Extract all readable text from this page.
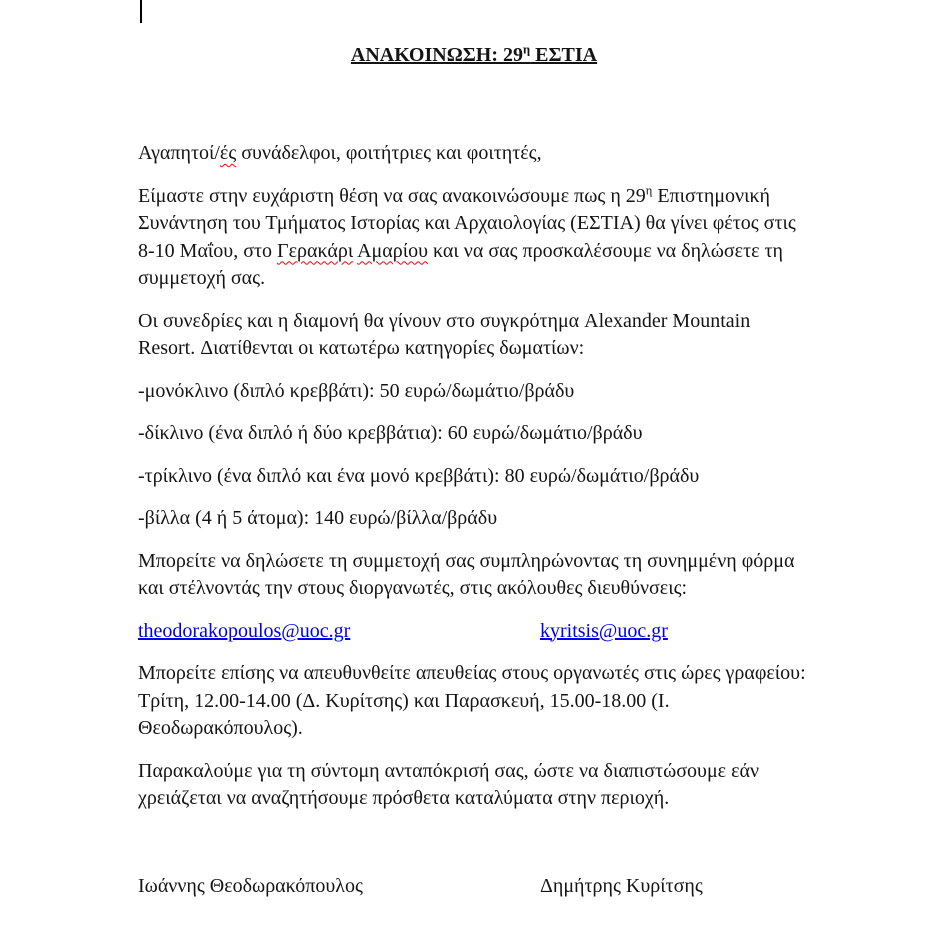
ΑΝΑΚΟΙΝΩΣΗ: $29^\eta$ ΕΣΤΙΑ

Αγαπητοί/ές συνάδελφοι, φοιτήτριες και φοιτητές,

Είμαστε στην ευχάριστη θέση να σας ανακοινώσουμε πως η $29^\eta$ Επιστημονική Συνάντηση του Τμήματος Ιστορίας και Αρχαιολογίας (ΕΣΤΙΑ) θα γίνει φέτος στις 8-10 Μαΐου, στο Γερακάρι Αμαρίου και να σας προσκαλέσουμε να δηλώσετε τη συμμετοχή σας.

Οι συνεδρίες και η διαμονή θα γίνουν στο συγκρότημα Alexander Mountain Resort. Διατίθενται οι κατωτέρω κατηγορίες δωματίων:

-μονόκλινο (διπλό κρεββάτι): 50 ευρώ/δωμάτιο/βράδυ

-δίκλινο (ένα διπλό ή δύο κρεββάτια): 60 ευρώ/δωμάτιο/βράδυ

-τρίκλινο (ένα διπλό και ένα μονό κρεββάτι): 80 ευρώ/δωμάτιο/βράδυ

-βίλλα (4 ή 5 άτομα): 140 ευρώ/βίλλα/βράδυ

Μπορείτε να δηλώσετε τη συμμετοχή σας συμπληρώνοντας τη συνημμένη φόρμα και στέλνοντάς την στους διοργανωτές, στις ακόλουθες διευθύνσεις:

theodorakopoulos@uoc.gr	kyritsis@uoc.gr

Μπορείτε επίσης να απευθυνθείτε απευθείας στους οργανωτές στις ώρες γραφείου: Τρίτη, 12.00-14.00 (Δ. Κυρίτσης) και Παρασκευή, 15.00-18.00 (Ι. Θεοδωρακόπουλος).

Παρακαλούμε για τη σύντομη ανταπόκρισή σας, ώστε να διαπιστώσουμε εάν χρειάζεται να αναζητήσουμε πρόσθετα καταλύματα στην περιοχή.

Ιωάννης Θεοδωρακόπουλος	Δημήτρης Κυρίτσης
